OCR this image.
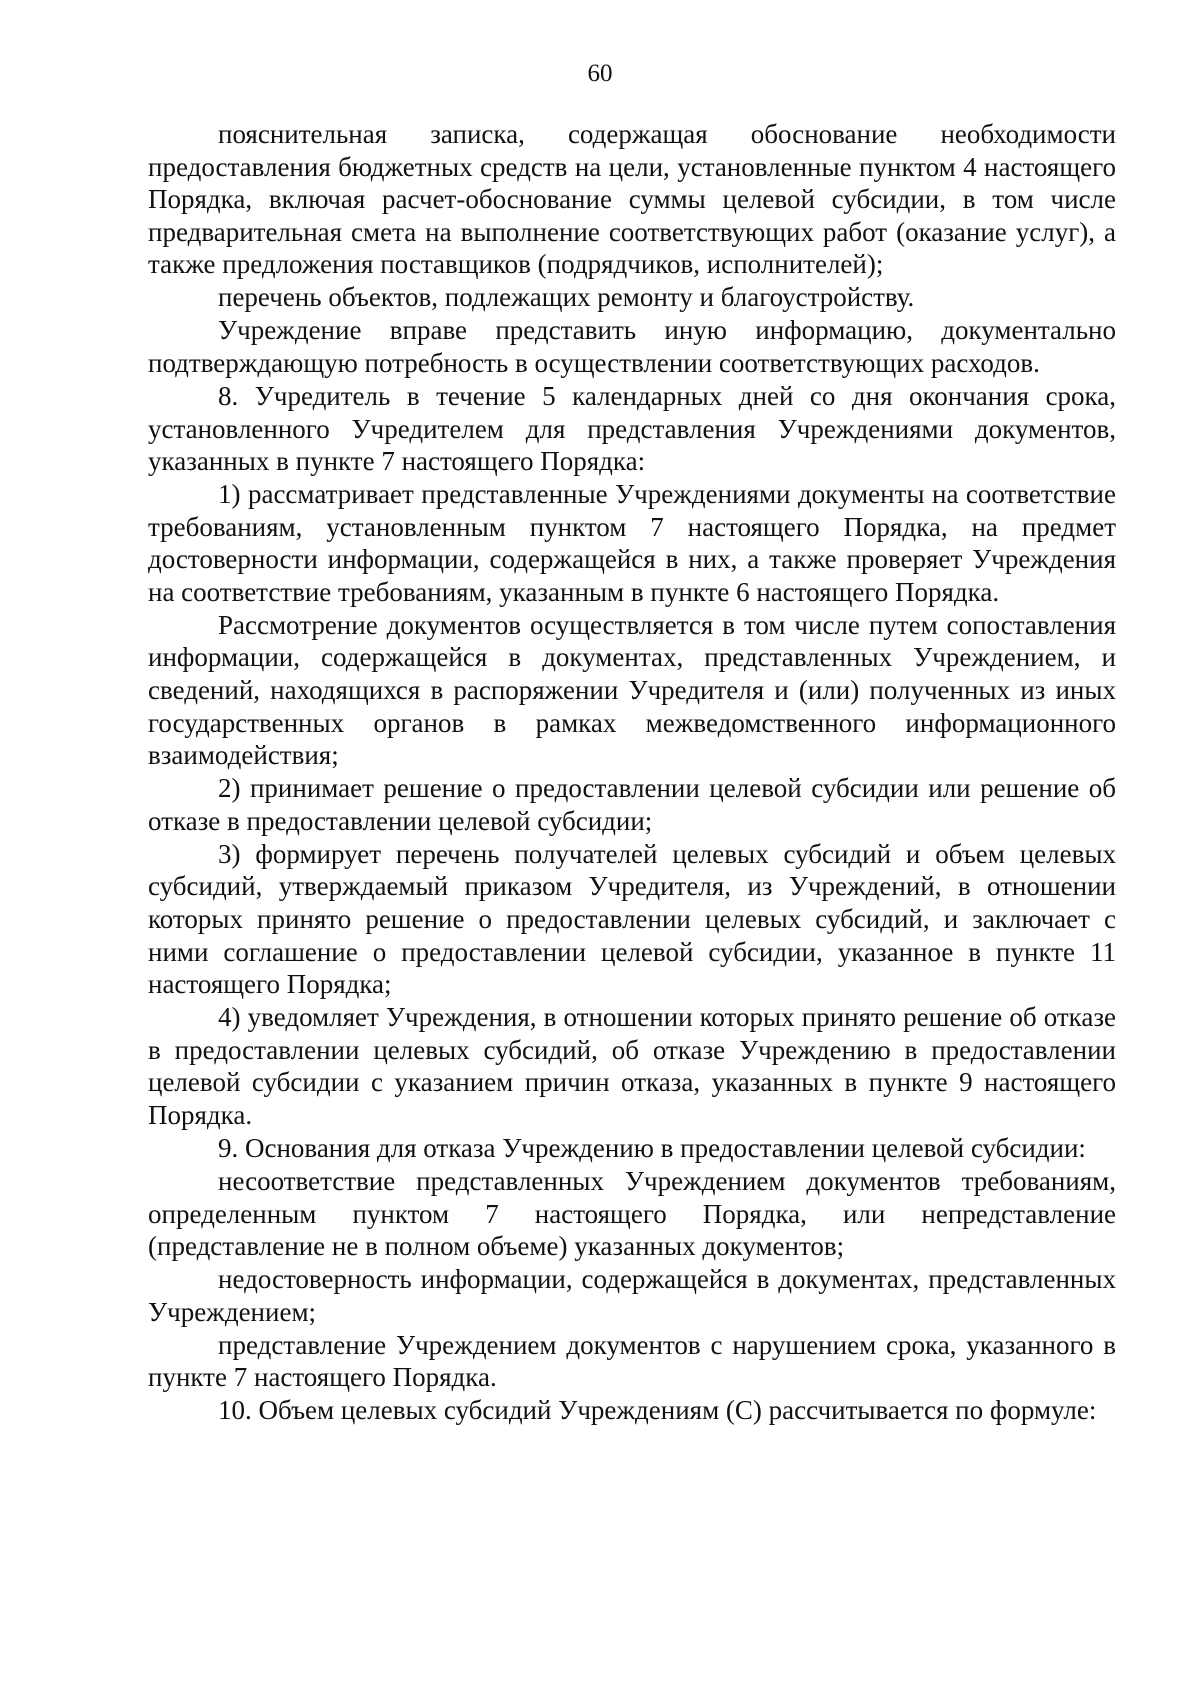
60

пояснительная записка, содержащая обоснование необходимости предоставления бюджетных средств на цели, установленные пунктом 4 настоящего Порядка, включая расчет-обоснование суммы целевой субсидии, в том числе предварительная смета на выполнение соответствующих работ (оказание услуг), а также предложения поставщиков (подрядчиков, исполнителей);

перечень объектов, подлежащих ремонту и благоустройству.

Учреждение вправе представить иную информацию, документально подтверждающую потребность в осуществлении соответствующих расходов.

8. Учредитель в течение 5 календарных дней со дня окончания срока, установленного Учредителем для представления Учреждениями документов, указанных в пункте 7 настоящего Порядка:

1) рассматривает представленные Учреждениями документы на соответствие требованиям, установленным пунктом 7 настоящего Порядка, на предмет достоверности информации, содержащейся в них, а также проверяет Учреждения на соответствие требованиям, указанным в пункте 6 настоящего Порядка.

Рассмотрение документов осуществляется в том числе путем сопоставления информации, содержащейся в документах, представленных Учреждением, и сведений, находящихся в распоряжении Учредителя и (или) полученных из иных государственных органов в рамках межведомственного информационного взаимодействия;

2) принимает решение о предоставлении целевой субсидии или решение об отказе в предоставлении целевой субсидии;

3) формирует перечень получателей целевых субсидий и объем целевых субсидий, утверждаемый приказом Учредителя, из Учреждений, в отношении которых принято решение о предоставлении целевых субсидий, и заключает с ними соглашение о предоставлении целевой субсидии, указанное в пункте 11 настоящего Порядка;

4) уведомляет Учреждения, в отношении которых принято решение об отказе в предоставлении целевых субсидий, об отказе Учреждению в предоставлении целевой субсидии с указанием причин отказа, указанных в пункте 9 настоящего Порядка.

9. Основания для отказа Учреждению в предоставлении целевой субсидии:

несоответствие представленных Учреждением документов требованиям, определенным пунктом 7 настоящего Порядка, или непредставление (представление не в полном объеме) указанных документов;

недостоверность информации, содержащейся в документах, представленных Учреждением;

представление Учреждением документов с нарушением срока, указанного в пункте 7 настоящего Порядка.

10. Объем целевых субсидий Учреждениям (С) рассчитывается по формуле:
